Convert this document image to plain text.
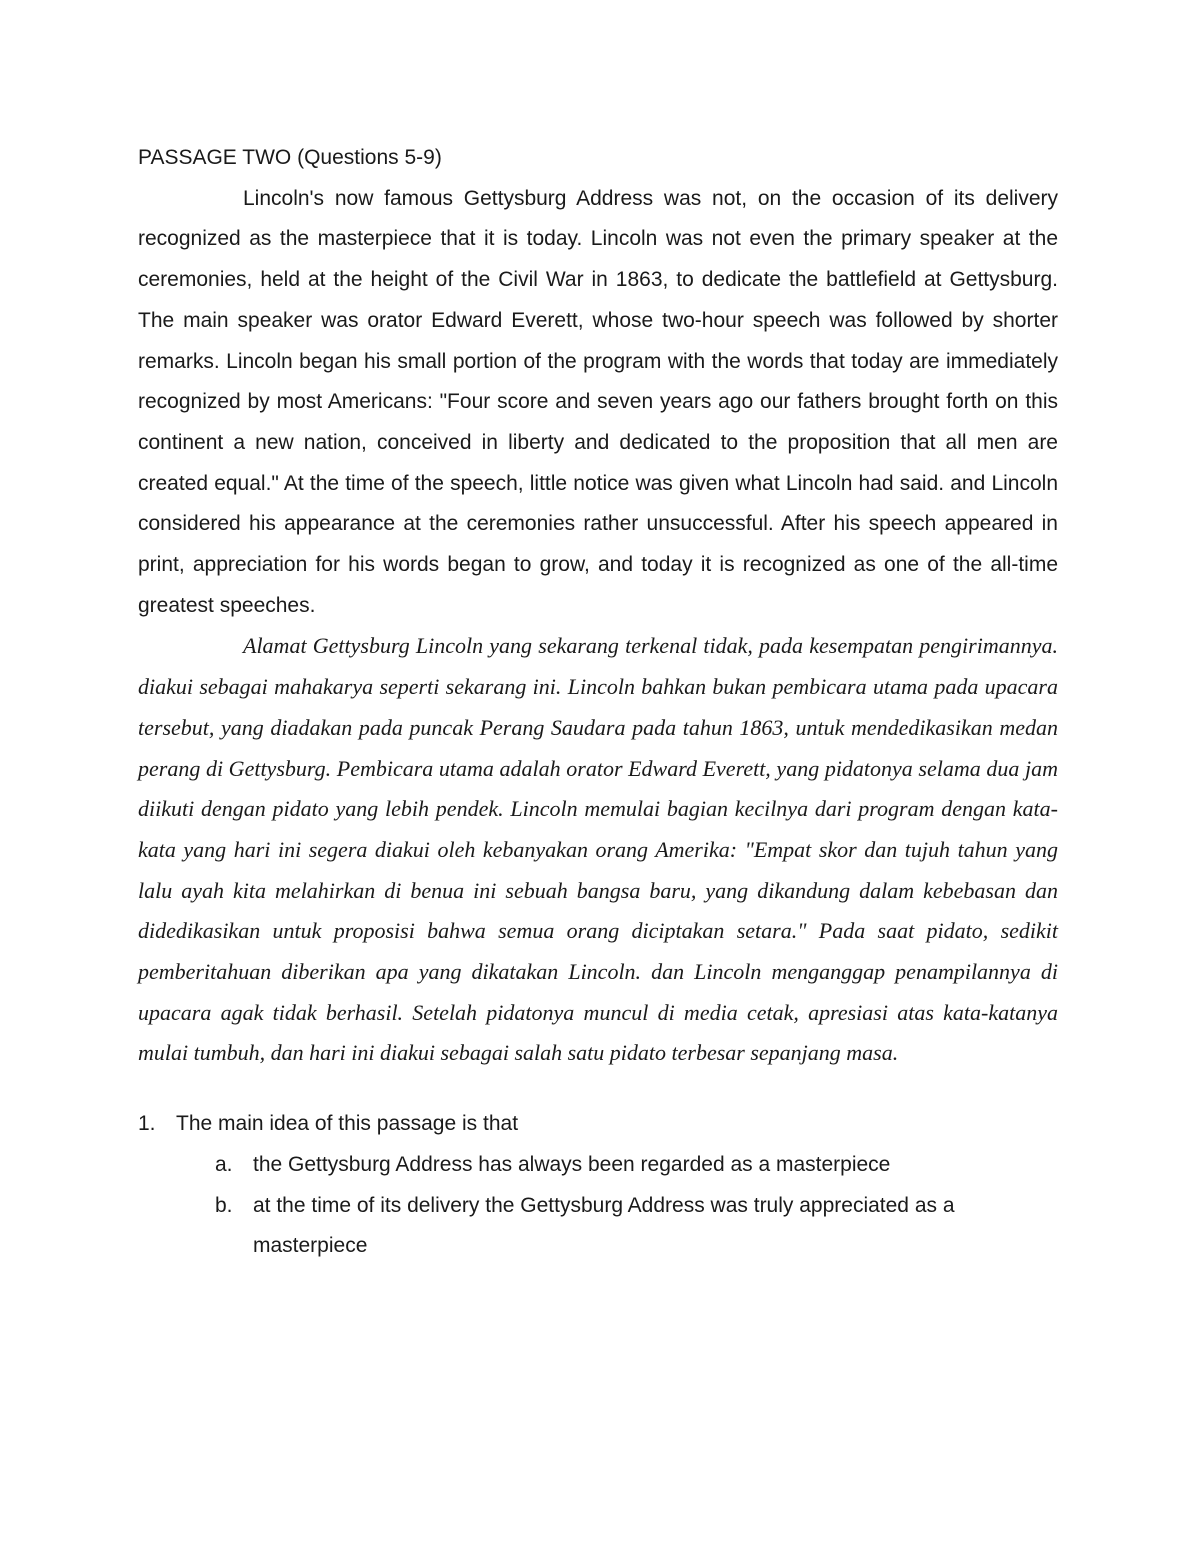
PASSAGE TWO (Questions 5-9)

Lincoln's now famous Gettysburg Address was not, on the occasion of its delivery recognized as the masterpiece that it is today. Lincoln was not even the primary speaker at the ceremonies, held at the height of the Civil War in 1863, to dedicate the battlefield at Gettysburg. The main speaker was orator Edward Everett, whose two-hour speech was followed by shorter remarks. Lincoln began his small portion of the program with the words that today are immediately recognized by most Americans: "Four score and seven years ago our fathers brought forth on this continent a new nation, conceived in liberty and dedicated to the proposition that all men are created equal." At the time of the speech, little notice was given what Lincoln had said. and Lincoln considered his appearance at the ceremonies rather unsuccessful. After his speech appeared in print, appreciation for his words began to grow, and today it is recognized as one of the all-time greatest speeches.

Alamat Gettysburg Lincoln yang sekarang terkenal tidak, pada kesempatan pengirimannya. diakui sebagai mahakarya seperti sekarang ini. Lincoln bahkan bukan pembicara utama pada upacara tersebut, yang diadakan pada puncak Perang Saudara pada tahun 1863, untuk mendedikasikan medan perang di Gettysburg. Pembicara utama adalah orator Edward Everett, yang pidatonya selama dua jam diikuti dengan pidato yang lebih pendek. Lincoln memulai bagian kecilnya dari program dengan kata-kata yang hari ini segera diakui oleh kebanyakan orang Amerika: "Empat skor dan tujuh tahun yang lalu ayah kita melahirkan di benua ini sebuah bangsa baru, yang dikandung dalam kebebasan dan didedikasikan untuk proposisi bahwa semua orang diciptakan setara." Pada saat pidato, sedikit pemberitahuan diberikan apa yang dikatakan Lincoln. dan Lincoln menganggap penampilannya di upacara agak tidak berhasil. Setelah pidatonya muncul di media cetak, apresiasi atas kata-katanya mulai tumbuh, dan hari ini diakui sebagai salah satu pidato terbesar sepanjang masa.

1. The main idea of this passage is that
a. the Gettysburg Address has always been regarded as a masterpiece
b. at the time of its delivery the Gettysburg Address was truly appreciated as a masterpiece
